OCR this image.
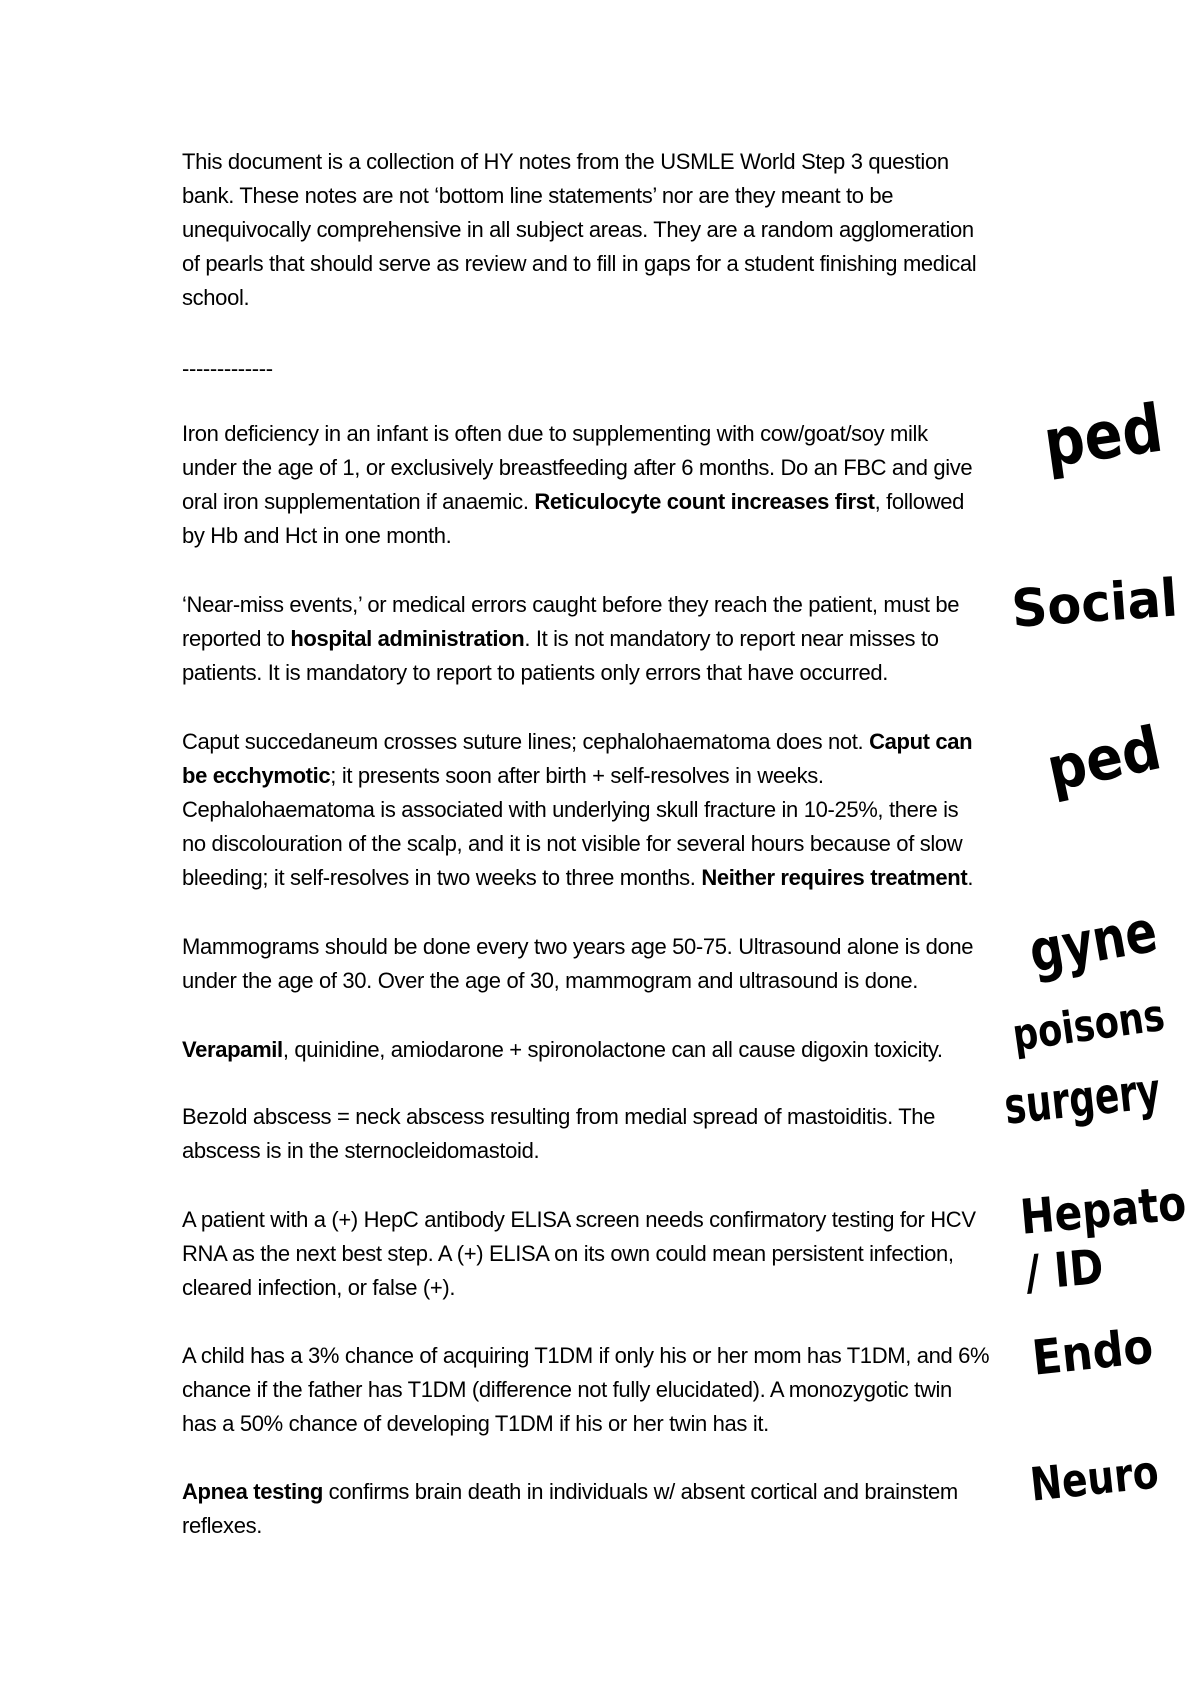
This document is a collection of HY notes from the USMLE World Step 3 question
bank. These notes are not ‘bottom line statements’ nor are they meant to be
unequivocally comprehensive in all subject areas. They are a random agglomeration
of pearls that should serve as review and to fill in gaps for a student finishing medical
school.
-------------
Iron deficiency in an infant is often due to supplementing with cow/goat/soy milk
under the age of 1, or exclusively breastfeeding after 6 months. Do an FBC and give
oral iron supplementation if anaemic. Reticulocyte count increases first, followed
by Hb and Hct in one month.
‘Near-miss events,’ or medical errors caught before they reach the patient, must be
reported to hospital administration. It is not mandatory to report near misses to
patients. It is mandatory to report to patients only errors that have occurred.
Caput succedaneum crosses suture lines; cephalohaematoma does not. Caput can
be ecchymotic; it presents soon after birth + self-resolves in weeks.
Cephalohaematoma is associated with underlying skull fracture in 10-25%, there is
no discolouration of the scalp, and it is not visible for several hours because of slow
bleeding; it self-resolves in two weeks to three months. Neither requires treatment.
Mammograms should be done every two years age 50-75. Ultrasound alone is done
under the age of 30. Over the age of 30, mammogram and ultrasound is done.
Verapamil, quinidine, amiodarone + spironolactone can all cause digoxin toxicity.
Bezold abscess = neck abscess resulting from medial spread of mastoiditis. The
abscess is in the sternocleidomastoid.
A patient with a (+) HepC antibody ELISA screen needs confirmatory testing for HCV
RNA as the next best step. A (+) ELISA on its own could mean persistent infection,
cleared infection, or false (+).
A child has a 3% chance of acquiring T1DM if only his or her mom has T1DM, and 6%
chance if the father has T1DM (difference not fully elucidated). A monozygotic twin
has a 50% chance of developing T1DM if his or her twin has it.
Apnea testing confirms brain death in individuals w/ absent cortical and brainstem
reflexes.
ped
Social
ped
gyne
poisons
surgery
Hepato / ID
Endo
Neuro
